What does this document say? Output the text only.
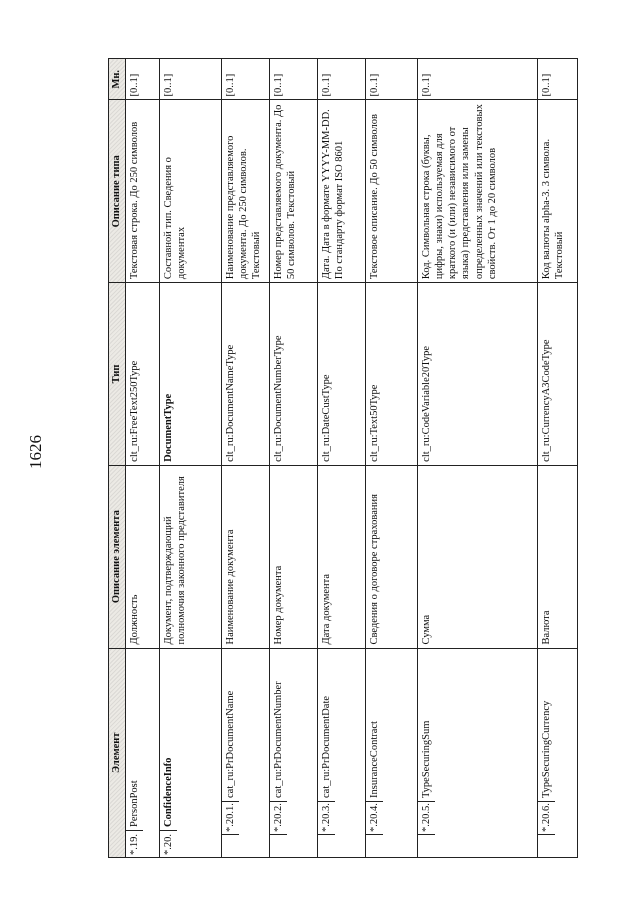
1626
Элемент	Описание элемента	Тип	Описание типа	Мн.

*.19.
PersonPost	Должность	clt_ru:FreeText250Type	Текстовая строка. До 250 символов	[0..1]

*.20.
ConfidenceInfo	Документ, подтверждающий полномочия законного представителя	DocumentType	Составной тип. Сведения о документах	[0..1]

*.20.1.
cat_ru:PrDocumentName	Наименование документа	clt_ru:DocumentNameType	Наименование представляемого документа. До 250 символов. Текстовый	[0..1]

*.20.2.
cat_ru:PrDocumentNumber	Номер документа	clt_ru:DocumentNumberType	Номер представляемого документа. До 50 символов. Текстовый	[0..1]

*.20.3.
cat_ru:PrDocumentDate	Дата документа	clt_ru:DateCustType	Дата. Дата в формате YYYY-MM-DD. По стандарту формат ISO 8601	[0..1]

*.20.4.
InsuranceContract	Сведения о договоре страхования	clt_ru:Text50Type	Текстовое описание. До 50 символов	[0..1]

*.20.5.
TypeSecuringSum	Сумма	clt_ru:CodeVariable20Type	Код. Символьная строка (буквы, цифры, знаки) используемая для краткого (и (или) независимого от языка) представления или замены определенных значений или текстовых свойств. От 1 до 20 символов	[0..1]

*.20.6.
TypeSecuringCurrency	Валюта	clt_ru:CurrencyA3CodeType	Код валюты alpha-3. 3 символа. Текстовый	[0..1]
